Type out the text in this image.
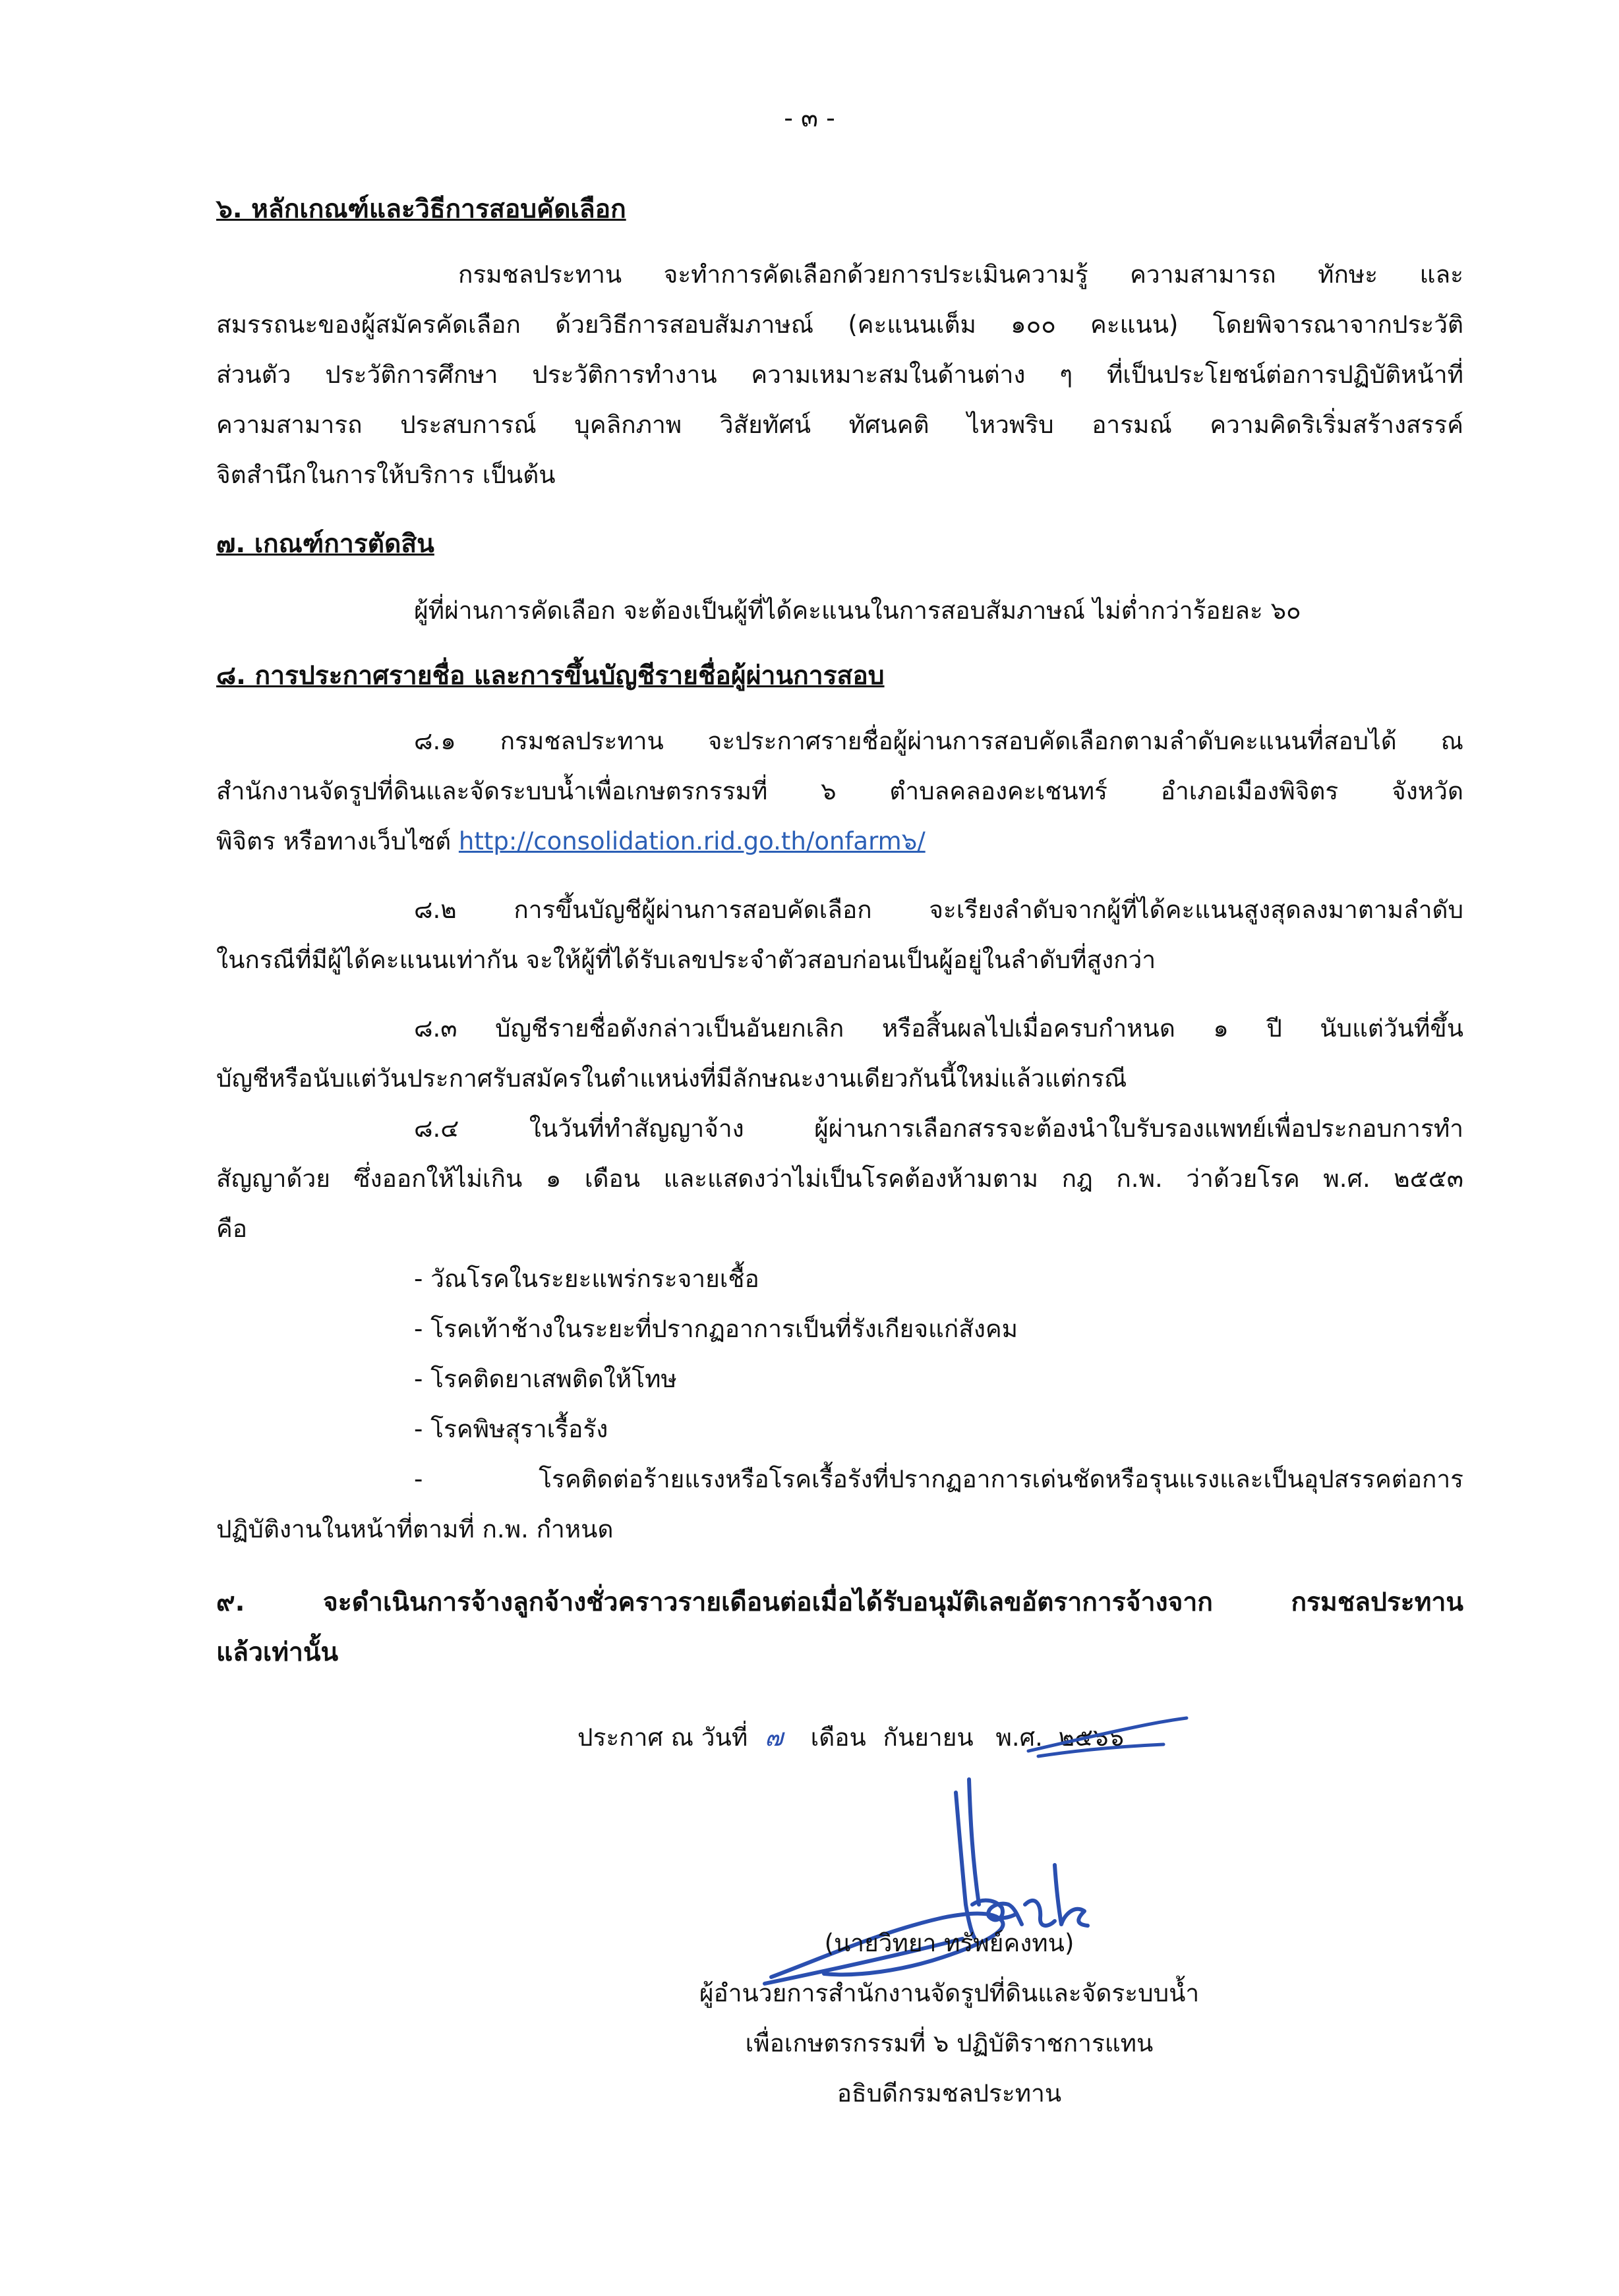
- ๓ -
๖. หลักเกณฑ์และวิธีการสอบคัดเลือก
กรมชลประทาน จะทำการคัดเลือกด้วยการประเมินความรู้ ความสามารถ ทักษะ และ
สมรรถนะของผู้สมัครคัดเลือก ด้วยวิธีการสอบสัมภาษณ์ (คะแนนเต็ม ๑๐๐ คะแนน) โดยพิจารณาจากประวัติ
ส่วนตัว ประวัติการศึกษา ประวัติการทำงาน ความเหมาะสมในด้านต่าง ๆ ที่เป็นประโยชน์ต่อการปฏิบัติหน้าที่
ความสามารถ ประสบการณ์ บุคลิกภาพ วิสัยทัศน์ ทัศนคติ ไหวพริบ อารมณ์ ความคิดริเริ่มสร้างสรรค์
จิตสำนึกในการให้บริการ เป็นต้น
๗. เกณฑ์การตัดสิน
ผู้ที่ผ่านการคัดเลือก จะต้องเป็นผู้ที่ได้คะแนนในการสอบสัมภาษณ์ ไม่ต่ำกว่าร้อยละ ๖๐
๘. การประกาศรายชื่อ และการขึ้นบัญชีรายชื่อผู้ผ่านการสอบ
๘.๑ กรมชลประทาน จะประกาศรายชื่อผู้ผ่านการสอบคัดเลือกตามลำดับคะแนนที่สอบได้ ณ
สำนักงานจัดรูปที่ดินและจัดระบบน้ำเพื่อเกษตรกรรมที่ ๖ ตำบลคลองคะเชนทร์ อำเภอเมืองพิจิตร จังหวัด
พิจิตร หรือทางเว็บไซต์ http://consolidation.rid.go.th/onfarm๖/
๘.๒ การขึ้นบัญชีผู้ผ่านการสอบคัดเลือก จะเรียงลำดับจากผู้ที่ได้คะแนนสูงสุดลงมาตามลำดับ
ในกรณีที่มีผู้ได้คะแนนเท่ากัน จะให้ผู้ที่ได้รับเลขประจำตัวสอบก่อนเป็นผู้อยู่ในลำดับที่สูงกว่า
๘.๓ บัญชีรายชื่อดังกล่าวเป็นอันยกเลิก หรือสิ้นผลไปเมื่อครบกำหนด ๑ ปี นับแต่วันที่ขึ้น
บัญชีหรือนับแต่วันประกาศรับสมัครในตำแหน่งที่มีลักษณะงานเดียวกันนี้ใหม่แล้วแต่กรณี
๘.๔ ในวันที่ทำสัญญาจ้าง ผู้ผ่านการเลือกสรรจะต้องนำใบรับรองแพทย์เพื่อประกอบการทำ
สัญญาด้วย ซึ่งออกให้ไม่เกิน ๑ เดือน และแสดงว่าไม่เป็นโรคต้องห้ามตาม กฎ ก.พ. ว่าด้วยโรค พ.ศ. ๒๕๕๓
คือ
- วัณโรคในระยะแพร่กระจายเชื้อ
- โรคเท้าช้างในระยะที่ปรากฏอาการเป็นที่รังเกียจแก่สังคม
- โรคติดยาเสพติดให้โทษ
- โรคพิษสุราเรื้อรัง
- โรคติดต่อร้ายแรงหรือโรคเรื้อรังที่ปรากฏอาการเด่นชัดหรือรุนแรงและเป็นอุปสรรคต่อการ
ปฏิบัติงานในหน้าที่ตามที่ ก.พ. กำหนด
๙. จะดำเนินการจ้างลูกจ้างชั่วคราวรายเดือนต่อเมื่อได้รับอนุมัติเลขอัตราการจ้างจาก กรมชลประทาน
แล้วเท่านั้น
ประกาศ ณ วันที่ ๗ เดือน กันยายน พ.ศ. ๒๕๖๖
(นายวิทยา ทรัพย์คงทน)
ผู้อำนวยการสำนักงานจัดรูปที่ดินและจัดระบบน้ำ
เพื่อเกษตรกรรมที่ ๖ ปฏิบัติราชการแทน
อธิบดีกรมชลประทาน
